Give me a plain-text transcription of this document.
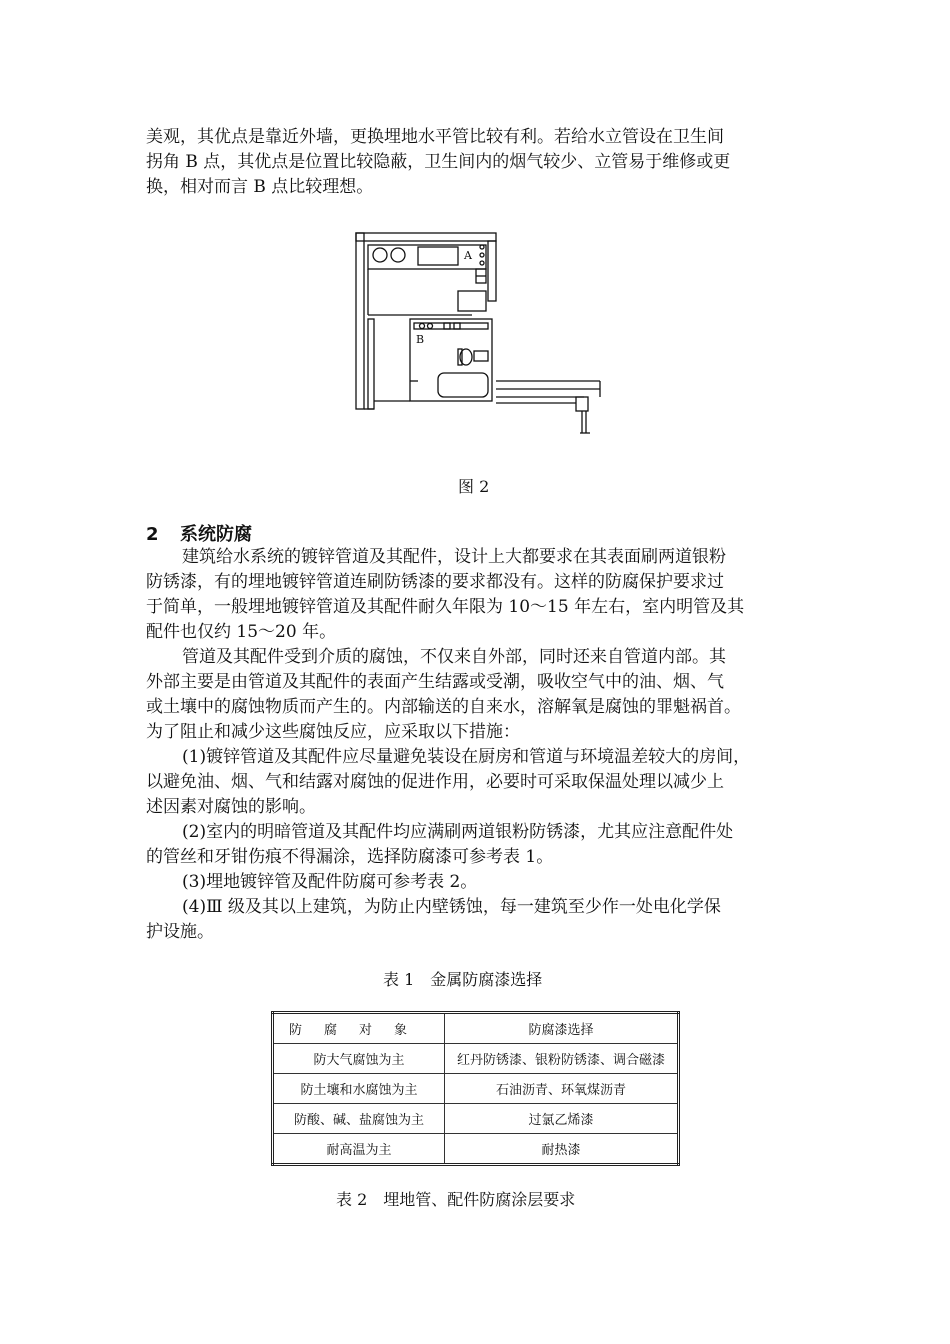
美观，其优点是靠近外墙，更换埋地水平管比较有利。若给水立管设在卫生间
拐角 B 点，其优点是位置比较隐蔽，卫生间内的烟气较少、立管易于维修或更
换，相对而言 B 点比较理想。
A
B
图 2
2 系统防腐
建筑给水系统的镀锌管道及其配件，设计上大都要求在其表面刷两道银粉
防锈漆，有的埋地镀锌管道连刷防锈漆的要求都没有。这样的防腐保护要求过
于简单，一般埋地镀锌管道及其配件耐久年限为 10～15 年左右，室内明管及其
配件也仅约 15～20 年。
管道及其配件受到介质的腐蚀，不仅来自外部，同时还来自管道内部。其
外部主要是由管道及其配件的表面产生结露或受潮，吸收空气中的油、烟、气
或土壤中的腐蚀物质而产生的。内部输送的自来水，溶解氧是腐蚀的罪魁祸首。
为了阻止和减少这些腐蚀反应，应采取以下措施：
(1)镀锌管道及其配件应尽量避免装设在厨房和管道与环境温差较大的房间，
以避免油、烟、气和结露对腐蚀的促进作用，必要时可采取保温处理以减少上
述因素对腐蚀的影响。
(2)室内的明暗管道及其配件均应满刷两道银粉防锈漆，尤其应注意配件处
的管丝和牙钳伤痕不得漏涂，选择防腐漆可参考表 1。
(3)埋地镀锌管及配件防腐可参考表 2。
(4)Ⅲ 级及其以上建筑，为防止内壁锈蚀，每一建筑至少作一处电化学保
护设施。
表 1　金属防腐漆选择
防腐对象	防腐漆选择
防大气腐蚀为主	红丹防锈漆、银粉防锈漆、调合磁漆
防土壤和水腐蚀为主	石油沥青、环氧煤沥青
防酸、碱、盐腐蚀为主	过氯乙烯漆
耐高温为主	耐热漆
表 2　埋地管、配件防腐涂层要求
